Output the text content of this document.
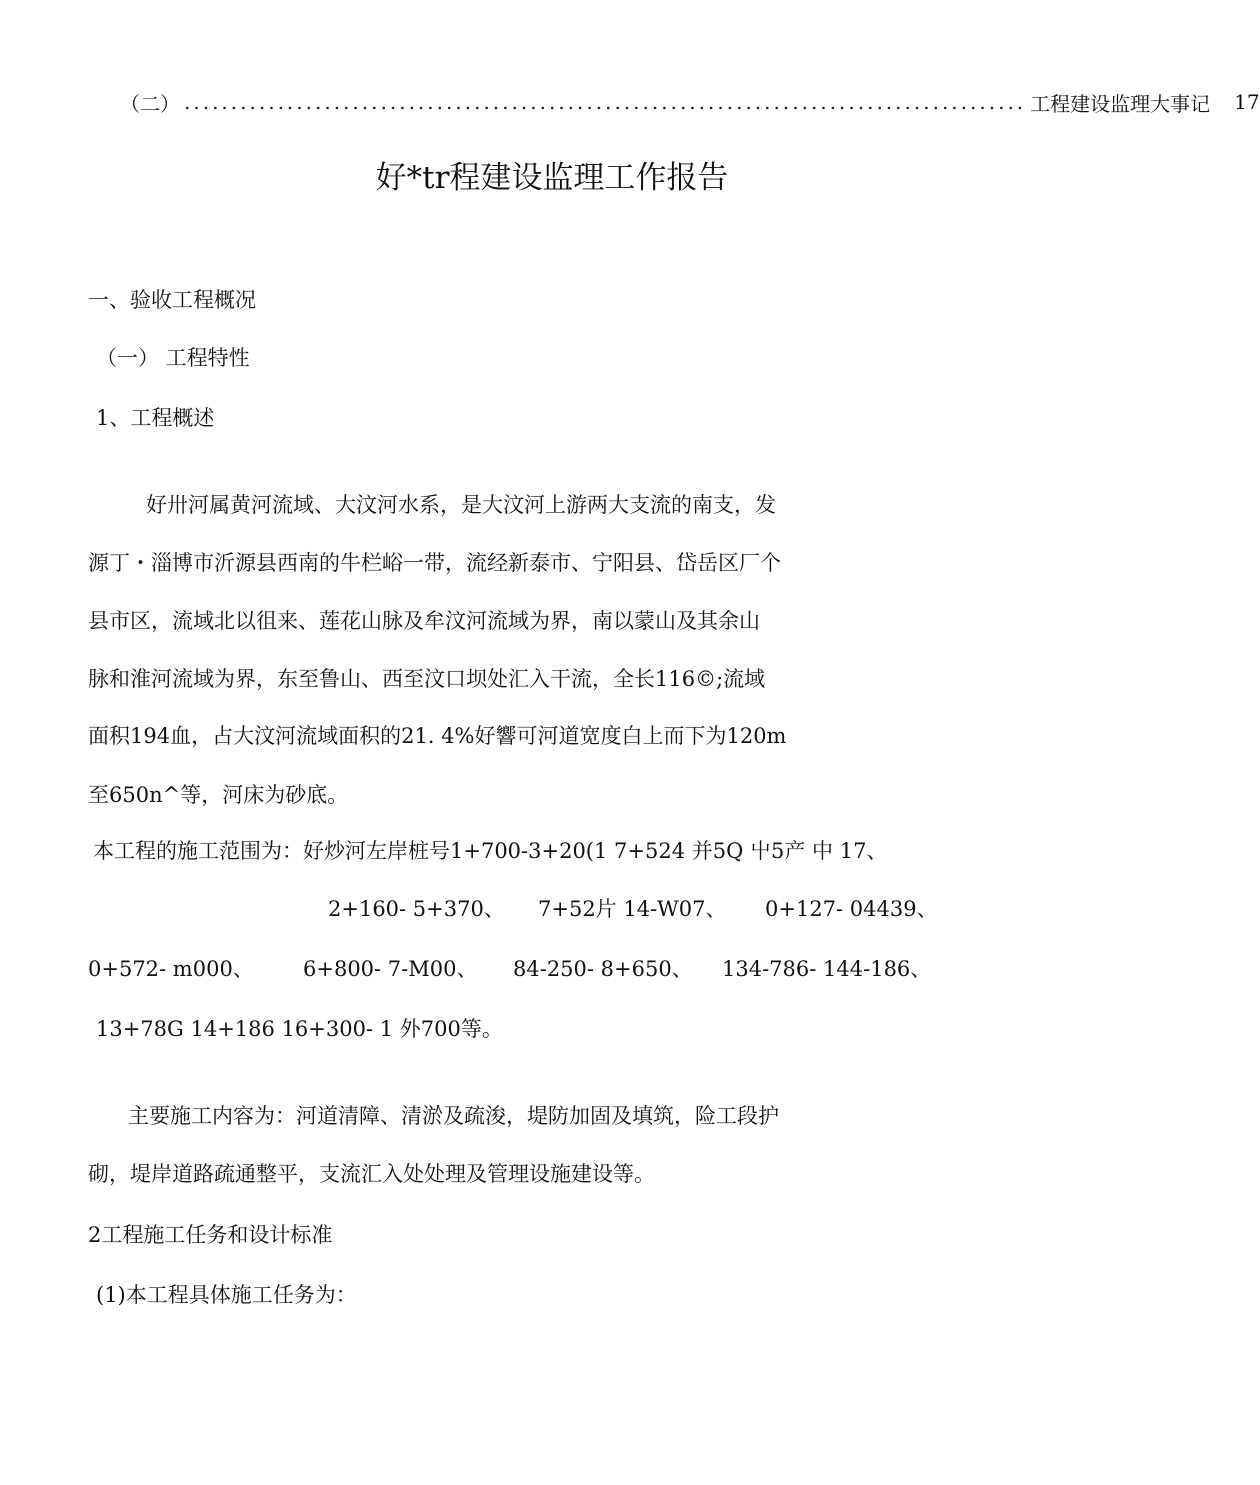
（二） .......................................................................................... 工程建设监理大事记 17
好*tr程建设监理工作报告
一、验收工程概况
（一） 工程特性
1、工程概述
好卅河属黄河流域、大汶河水系，是大汶河上游两大支流的南支，发
源丁・淄博市沂源县西南的牛栏峪一带，流经新泰市、宁阳县、岱岳区厂个
县市区，流域北以徂来、莲花山脉及牟汶河流域为界，南以蒙山及其余山
脉和淮河流域为界，东至鲁山、西至汶口坝处汇入干流，全长116©;流域
面积194血，占大汶河流域面积的21. 4%好響可河道宽度白上而下为120m
至650n^等，河床为砂底。
本工程的施工范围为：好炒河左岸桩号1+700-3+20(1 7+524 并5Q 屮5产 中 17、
2+160- 5+370、 7+52片 14-W07、 0+127- 04439、
0+572- m000、 6+800- 7-M00、 84-250- 8+650、 134-786- 144-186、
13+78G 14+186 16+300- 1 外700等。
主要施工内容为：河道清障、清淤及疏浚，堤防加固及填筑，险工段护
砌，堤岸道路疏通整平，支流汇入处处理及管理设施建设等。
2工程施工任务和设计标准
(1)本工程具体施工任务为：
